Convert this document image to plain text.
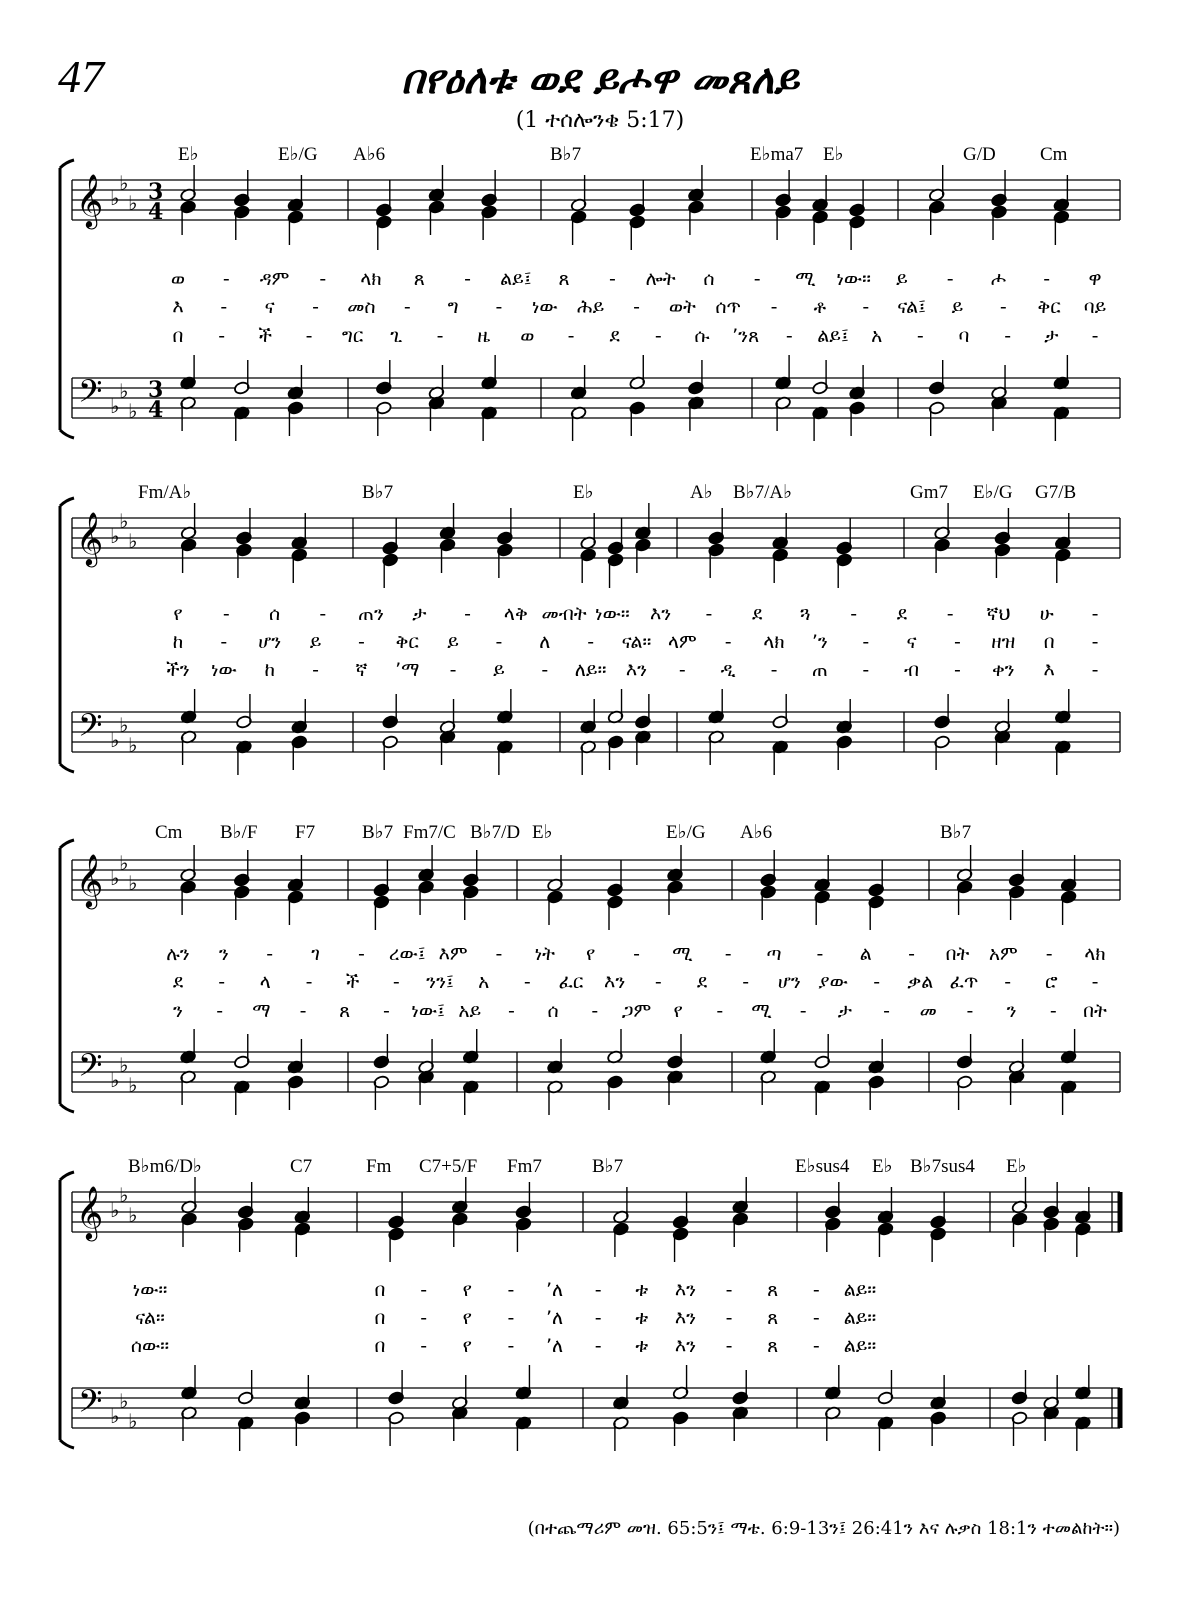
47	በየዕለቱ ወደ ይሖዋ መጸለይ
(1 ተሰሎንቄ 5:17)
𝄞
𝄢
♭
♭
♭
♭
♭
♭
3
4
3
4
E♭	E♭/G A♭6	B♭7	E♭ma7 E♭	G/D Cm
ወ - ዳም - ላክ ጸ - ልይ፤ ጸ - ሎት ሰ - ሚ ነው። ይ - ሖ - ዋ
እ - ና - መስ - ግ - ነው ሕይ - ወት ሰጥ - ቶ - ናል፤ ይ - ቅር ባይ
በ - ች - ግር ጊ - ዜ ወ - ደ - ሱ ’ንጸ - ልይ፤ አ - ባ - ታ -
𝄞
𝄢
♭
♭
♭
♭
♭
♭
Fm/A♭	B♭7	E♭	A♭ B♭7/A♭	Gm7 E♭/G G7/B
የ - ሰ - ጠን ታ - ላቅ መብት ነው። እን - ደ ጓ - ደ - ኛህ ሁ -
ከ - ሆን ይ - ቅር ይ - ለ - ናል። ላም - ላክ ’ን - ና - ዘዝ በ -
ችን ነው ከ - ኛ ’ማ - ይ - ለይ። እን - ዲ - ጠ - ብ - ቀን እ -
𝄞
𝄢
♭
♭
♭
♭
♭
♭
Cm B♭/F F7 B♭7 Fm7/C B♭7/D E♭	E♭/G A♭6	B♭7
ሉን ን - ገ - ረው፤ እም - ነት የ - ሚ - ጣ - ል - በት አም - ላክ
ደ - ላ - ች - ንን፤ አ - ፈር እን - ደ - ሆን ያው - ቃል ፈጥ - ሮ -
ን - ማ - ጸ - ነው፤ አይ - ሰ - ጋም የ - ሚ - ታ - መ - ን - በት
𝄞
𝄢
♭
♭
♭
♭
♭
♭
B♭m6/D♭	C7	Fm C7+5/F Fm7	B♭7	E♭sus4 E♭ B♭7sus4 E♭
ነው።	በ - የ - ’ለ - ቱ እን - ጸ - ልይ።
ናል።	በ - የ - ’ለ - ቱ እን - ጸ - ልይ።
ሰው።	በ - የ - ’ለ - ቱ እን - ጸ - ልይ።
(በተጨማሪም መዝ. 65:5ን፤ ማቴ. 6:9-13ን፤ 26:41ን እና ሉቃስ 18:1ን ተመልከት።)
